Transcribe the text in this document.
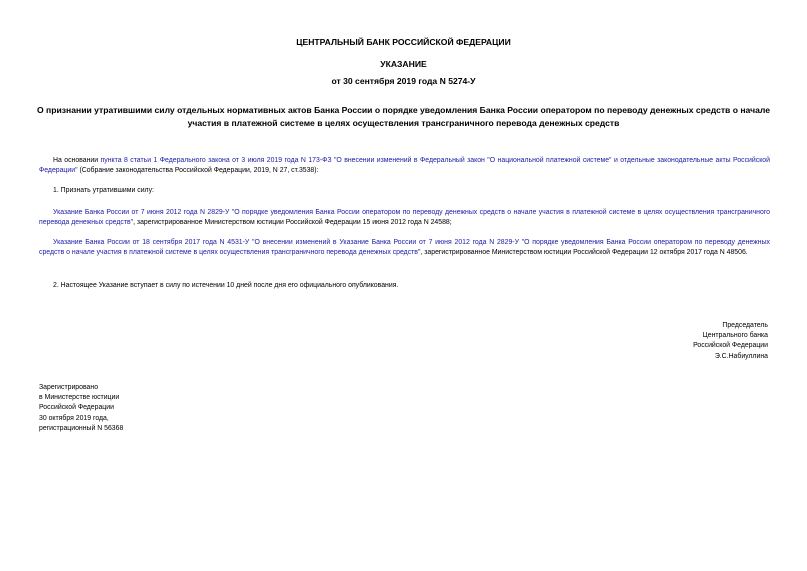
ЦЕНТРАЛЬНЫЙ БАНК РОССИЙСКОЙ ФЕДЕРАЦИИ
УКАЗАНИЕ
от 30 сентября 2019 года N 5274-У
О признании утратившими силу отдельных нормативных актов Банка России о порядке уведомления Банка России оператором по переводу денежных средств о начале участия в платежной системе в целях осуществления трансграничного перевода денежных средств
На основании пункта 8 статьи 1 Федерального закона от 3 июля 2019 года N 173-ФЗ "О внесении изменений в Федеральный закон "О национальной платежной системе" и отдельные законодательные акты Российской Федерации" (Собрание законодательства Российской Федерации, 2019, N 27, ст.3538):
1. Признать утратившими силу:
Указание Банка России от 7 июня 2012 года N 2829-У "О порядке уведомления Банка России оператором по переводу денежных средств о начале участия в платежной системе в целях осуществления трансграничного перевода денежных средств", зарегистрированное Министерством юстиции Российской Федерации 15 июня 2012 года N 24588;
Указание Банка России от 18 сентября 2017 года N 4531-У "О внесении изменений в Указание Банка России от 7 июня 2012 года N 2829-У "О порядке уведомления Банка России оператором по переводу денежных средств о начале участия в платежной системе в целях осуществления трансграничного перевода денежных средств", зарегистрированное Министерством юстиции Российской Федерации 12 октября 2017 года N 48506.
2. Настоящее Указание вступает в силу по истечении 10 дней после дня его официального опубликования.
Председатель
Центрального банка
Российской Федерации
Э.С.Набиуллина
Зарегистрировано
в Министерстве юстиции
Российской Федерации
30 октября 2019 года,
регистрационный N 56368
